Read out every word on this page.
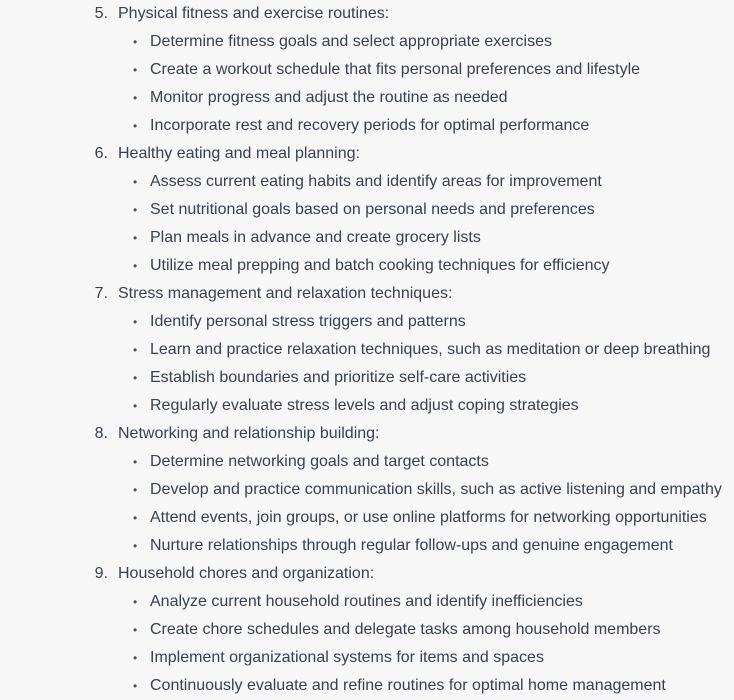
5. Physical fitness and exercise routines:
• Determine fitness goals and select appropriate exercises
• Create a workout schedule that fits personal preferences and lifestyle
• Monitor progress and adjust the routine as needed
• Incorporate rest and recovery periods for optimal performance
6. Healthy eating and meal planning:
• Assess current eating habits and identify areas for improvement
• Set nutritional goals based on personal needs and preferences
• Plan meals in advance and create grocery lists
• Utilize meal prepping and batch cooking techniques for efficiency
7. Stress management and relaxation techniques:
• Identify personal stress triggers and patterns
• Learn and practice relaxation techniques, such as meditation or deep breathing
• Establish boundaries and prioritize self-care activities
• Regularly evaluate stress levels and adjust coping strategies
8. Networking and relationship building:
• Determine networking goals and target contacts
• Develop and practice communication skills, such as active listening and empathy
• Attend events, join groups, or use online platforms for networking opportunities
• Nurture relationships through regular follow-ups and genuine engagement
9. Household chores and organization:
• Analyze current household routines and identify inefficiencies
• Create chore schedules and delegate tasks among household members
• Implement organizational systems for items and spaces
• Continuously evaluate and refine routines for optimal home management
